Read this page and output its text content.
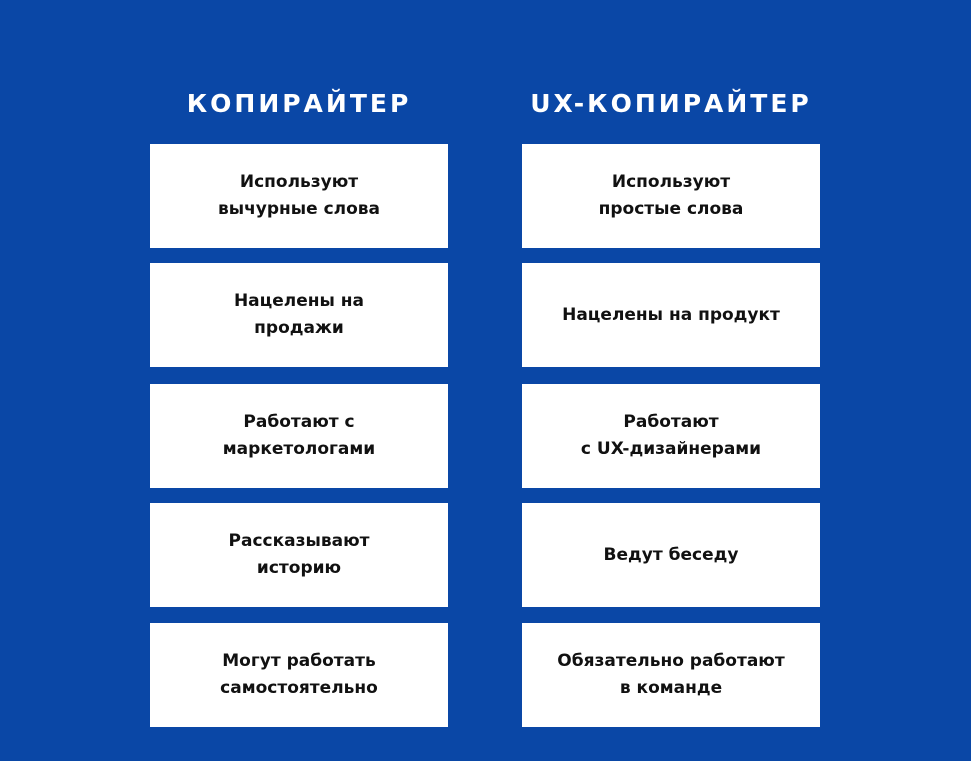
КОПИРАЙТЕР
Используют
вычурные слова
Нацелены на
продажи
Работают с
маркетологами
Рассказывают
историю
Могут работать
самостоятельно
UX-КОПИРАЙТЕР
Используют
простые слова
Нацелены на продукт
Работают
с UX-дизайнерами
Ведут беседу
Обязательно работают
в команде
